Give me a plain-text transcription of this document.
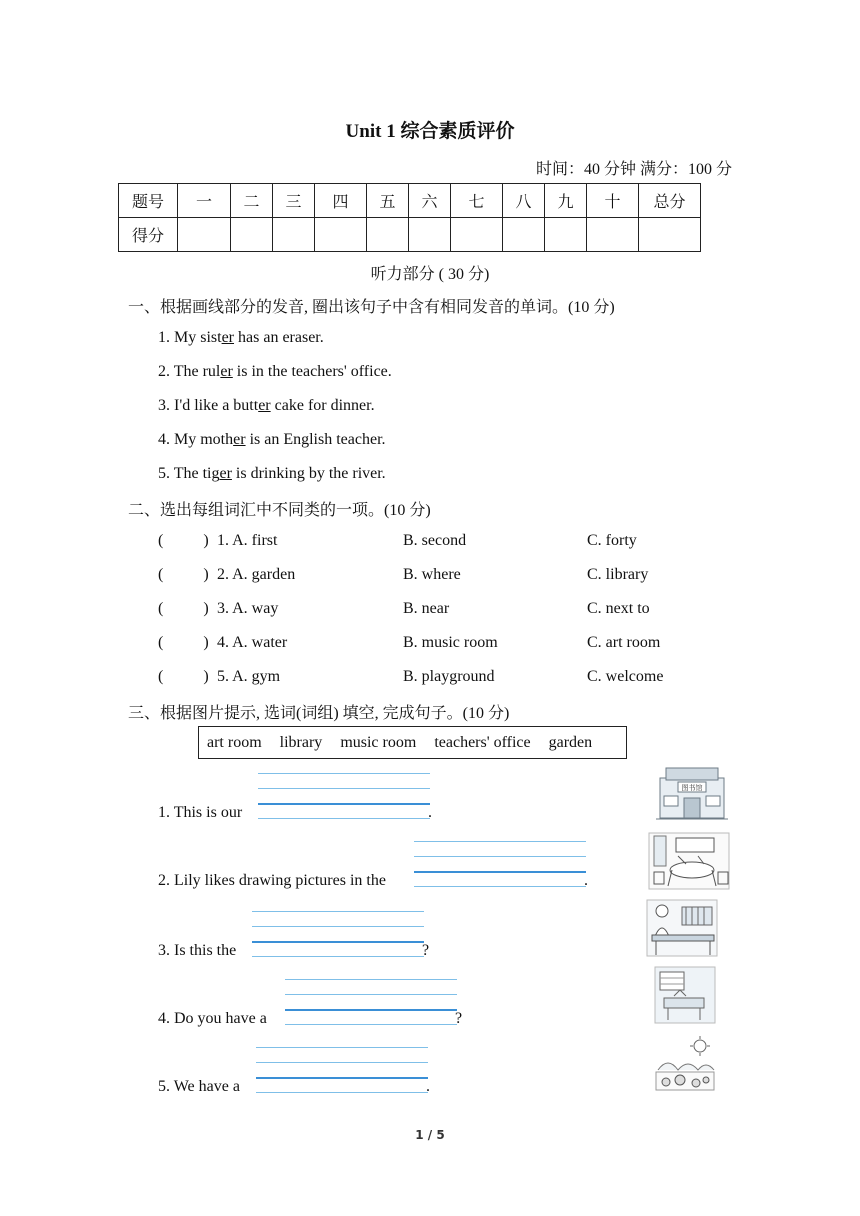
Unit 1 综合素质评价
时间：40 分钟 满分：100 分
题号	一	二	三	四	五	六	七	八	九	十	总分
得分											
听力部分 ( 30 分)
一、根据画线部分的发音, 圈出该句子中含有相同发音的单词。(10 分)
1. My sister has an eraser.
2. The ruler is in the teachers' office.
3. I'd like a butter cake for dinner.
4. My mother is an English teacher.
5. The tiger is drinking by the river.
二、选出每组词汇中不同类的一项。(10 分)
(          ) 1. A. first	B. second	C. forty
(          ) 2. A. garden	B. where	C. library
(          ) 3. A. way	B. near	C. next to
(          ) 4. A. water	B. music room	C. art room
(          ) 5. A. gym	B. playground	C. welcome
三、根据图片提示, 选词(词组) 填空, 完成句子。(10 分)
art room library music room teachers' office garden
1. This is our	.
2. Lily likes drawing pictures in the	.
3. Is this the	?
4. Do you have a	?
5. We have a	.
图书馆
1 / 5
